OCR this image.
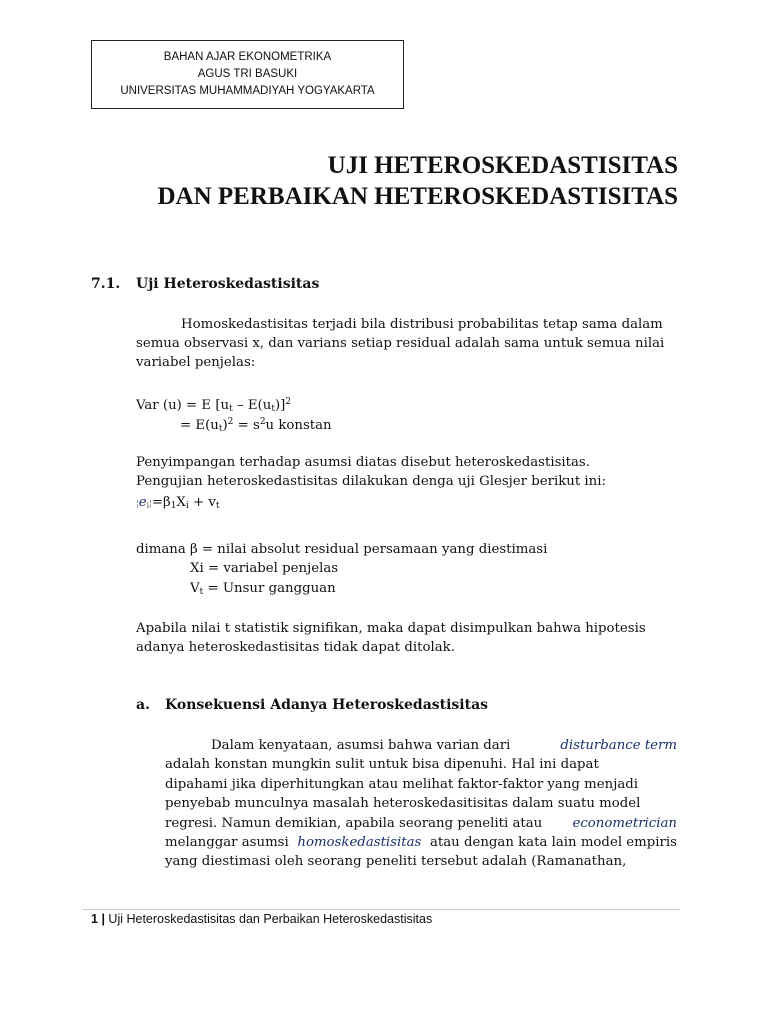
BAHAN AJAR EKONOMETRIKA
AGUS TRI BASUKI
UNIVERSITAS MUHAMMADIYAH YOGYAKARTA
UJI HETEROSKEDASTISITAS
DAN PERBAIKAN HETEROSKEDASTISITAS
7.1. Uji Heteroskedastisitas
Homoskedastisitas terjadi bila distribusi probabilitas tetap sama dalam
semua observasi x, dan varians setiap residual adalah sama untuk semua nilai
variabel penjelas:
Var (u) = E $[u_t - E(u_t)]^2$
= $E(u_t)^2 = s^2u$ konstan
Penyimpangan terhadap asumsi diatas disebut heteroskedastisitas.
Pengujian heteroskedastisitas dilakukan denga uji Glesjer berikut ini:
$¦e_i¦=\beta_1X_i + v_t$
dimana β = nilai absolut residual persamaan yang diestimasi
Xi = variabel penjelas
$V_t$ = Unsur gangguan
Apabila nilai t statistik signifikan, maka dapat disimpulkan bahwa hipotesis
adanya heteroskedastisitas tidak dapat ditolak.
a. Konsekuensi Adanya Heteroskedastisitas
Dalam kenyataan, asumsi bahwa varian dari	disturbance term
adalah konstan mungkin sulit untuk bisa dipenuhi. Hal ini dapat
dipahami jika diperhitungkan atau melihat faktor-faktor yang menjadi
penyebab munculnya masalah heteroskedasitisitas dalam suatu model
regresi. Namun demikian, apabila seorang peneliti atau econometrician
melanggar asumsi homoskedastisitas atau dengan kata lain model empiris
yang diestimasi oleh seorang peneliti tersebut adalah (Ramanathan,
1 | Uji Heteroskedastisitas dan Perbaikan Heteroskedastisitas
